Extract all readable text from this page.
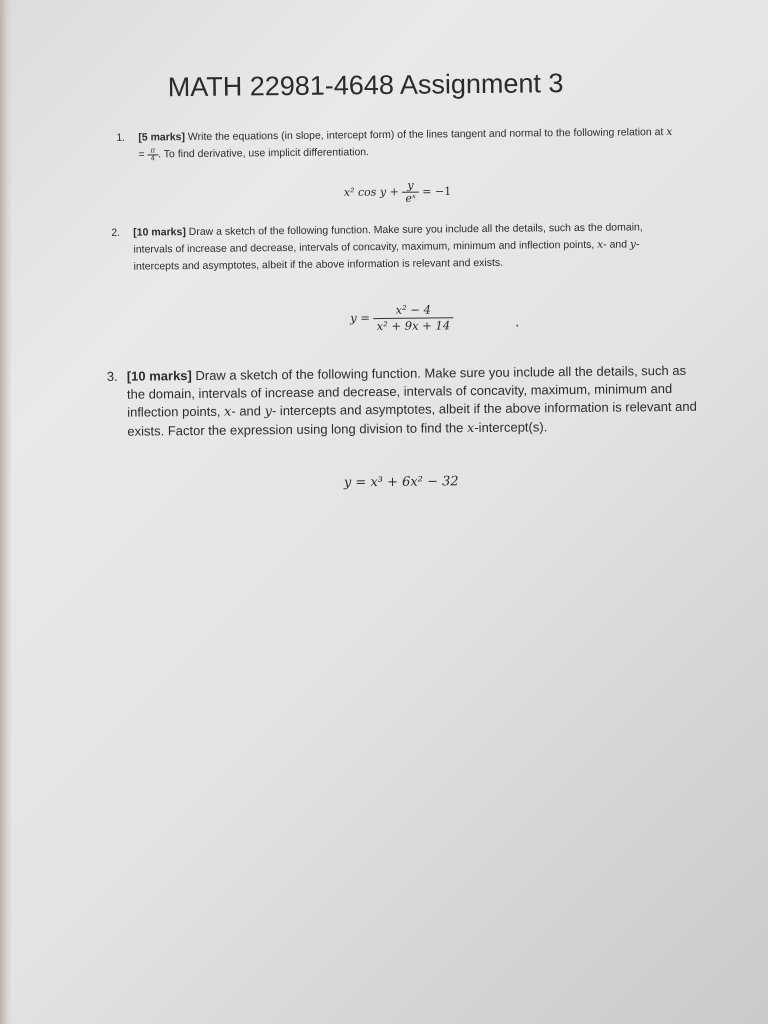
MATH 22981-4648 Assignment 3
1. [5 marks] Write the equations (in slope, intercept form) of the lines tangent and normal to the following relation at $x = \frac{\pi}{4}$ . To find derivative, use implicit differentiation.
x² $\cos y + \frac{y}{\text{eˣ}} = -1$
2. [10 marks] Draw a sketch of the following function. Make sure you include all the details, such as the domain, intervals of increase and decrease, intervals of concavity, maximum, minimum and inflection points, x- and y- intercepts and asymptotes, albeit if the above information is relevant and exists.
$y = \frac{\text{x² − 4}}{\text{x² + 9x + 14}}$
3. [10 marks] Draw a sketch of the following function. Make sure you include all the details, such as the domain, intervals of increase and decrease, intervals of concavity, maximum, minimum and inflection points, x- and y- intercepts and asymptotes, albeit if the above information is relevant and exists. Factor the expression using long division to find the x-intercept(s).
y = x³ + 6x² − 32
